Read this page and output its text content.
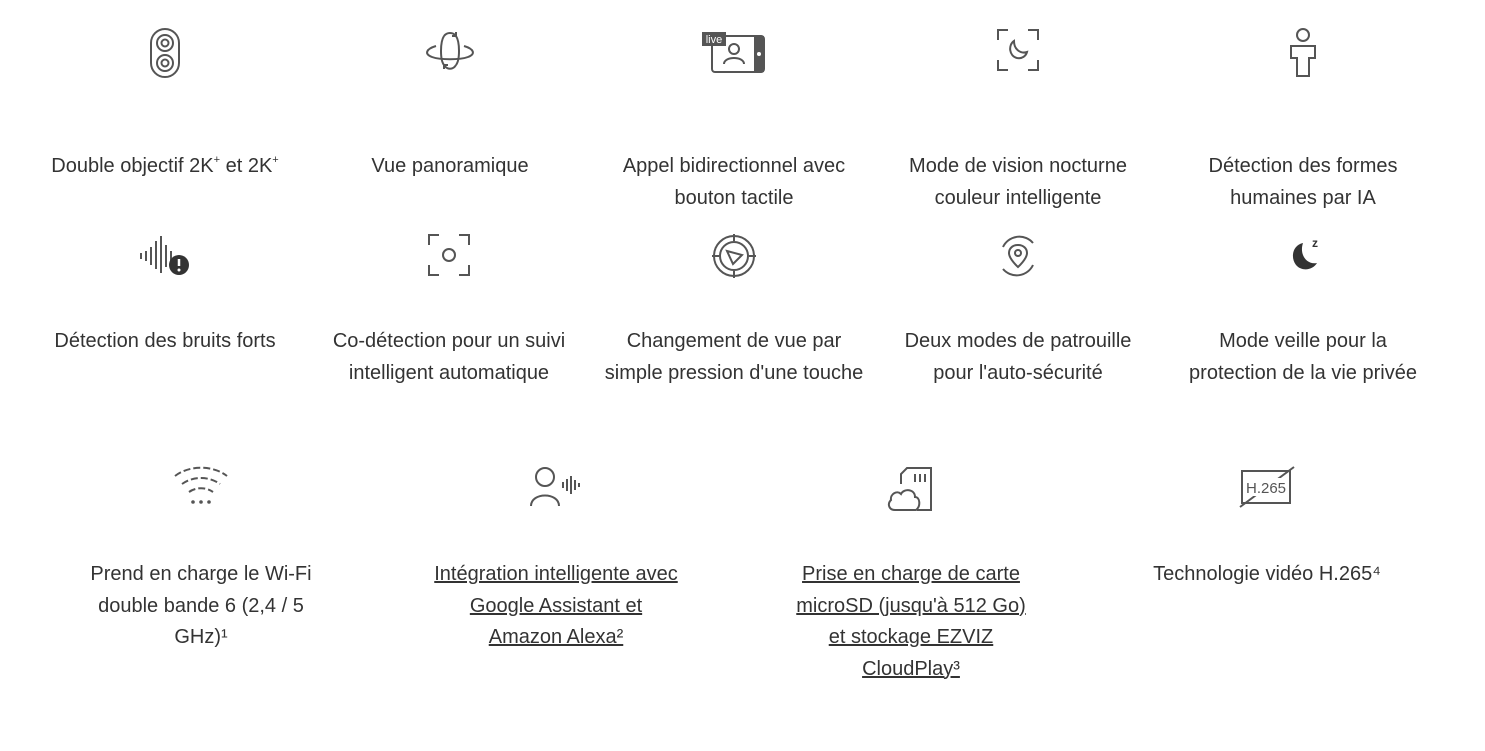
Double objectif 2K+ et 2K+	Vue panoramique
live
Appel bidirectionnel avec bouton tactile
Mode de vision nocturne couleur intelligente
Détection des formes humaines par IA
Détection des bruits forts	Co-détection pour un suivi intelligent automatique
Changement de vue par simple pression d'une touche
Deux modes de patrouille pour l'auto-sécurité
z
Mode veille pour la protection de la vie privée
Prend en charge le Wi-Fi double bande 6 (2,4 / 5 GHz)¹
Intégration intelligente avec Google Assistant et Amazon Alexa²
Prise en charge de carte microSD (jusqu'à 512 Go) et stockage EZVIZ CloudPlay³
H.265
Technologie vidéo H.265⁴
